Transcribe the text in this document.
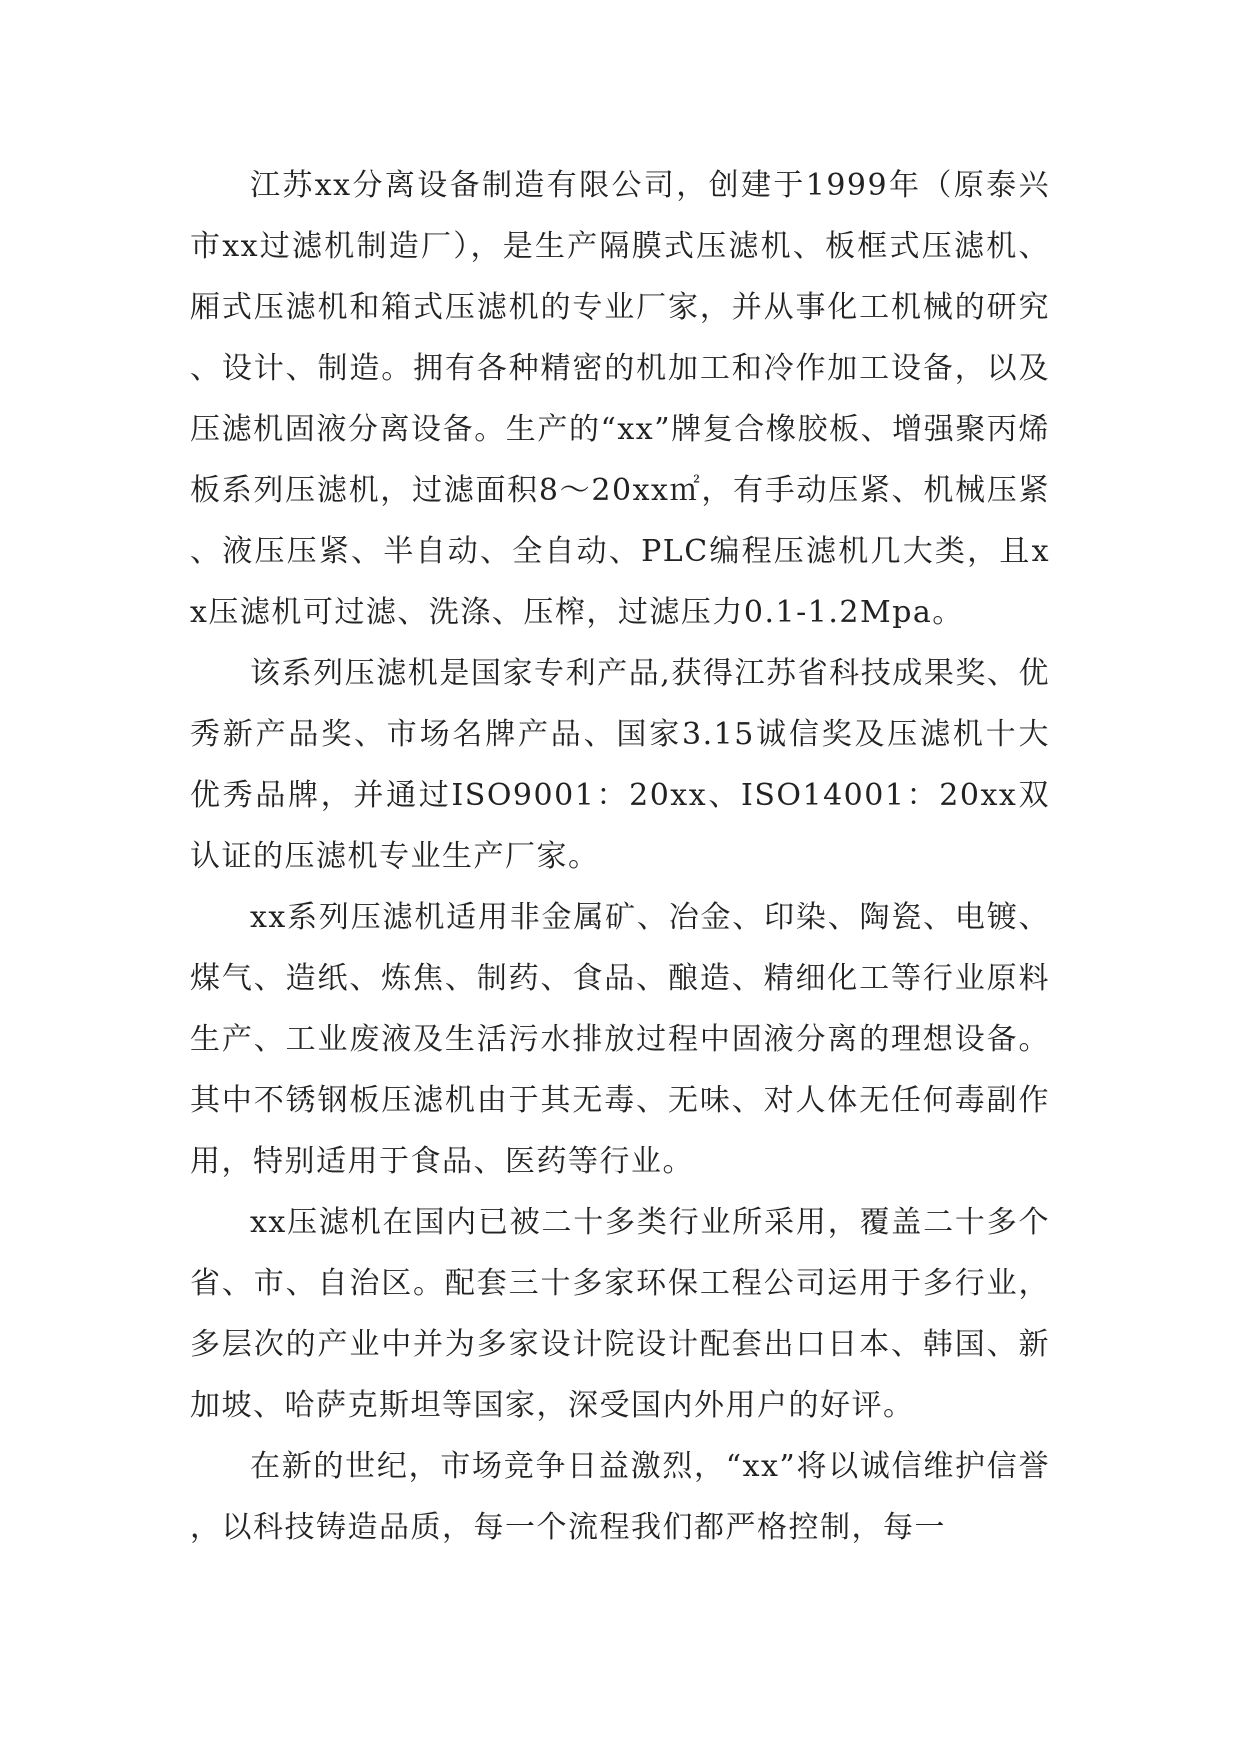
江苏xx分离设备制造有限公司，创建于1999年（原泰兴市xx过滤机制造厂），是生产隔膜式压滤机、板框式压滤机、厢式压滤机和箱式压滤机的专业厂家，并从事化工机械的研究、设计、制造。拥有各种精密的机加工和冷作加工设备，以及压滤机固液分离设备。生产的“xx”牌复合橡胶板、增强聚丙烯板系列压滤机，过滤面积8～20xx㎡，有手动压紧、机械压紧、液压压紧、半自动、全自动、PLC编程压滤机几大类，且xx压滤机可过滤、洗涤、压榨，过滤压力0.1-1.2Mpa。

该系列压滤机是国家专利产品,获得江苏省科技成果奖、优秀新产品奖、市场名牌产品、国家3.15诚信奖及压滤机十大优秀品牌，并通过ISO9001：20xx、ISO14001：20xx双认证的压滤机专业生产厂家。

xx系列压滤机适用非金属矿、冶金、印染、陶瓷、电镀、煤气、造纸、炼焦、制药、食品、酿造、精细化工等行业原料生产、工业废液及生活污水排放过程中固液分离的理想设备。其中不锈钢板压滤机由于其无毒、无味、对人体无任何毒副作用，特别适用于食品、医药等行业。

xx压滤机在国内已被二十多类行业所采用，覆盖二十多个省、市、自治区。配套三十多家环保工程公司运用于多行业，多层次的产业中并为多家设计院设计配套出口日本、韩国、新加坡、哈萨克斯坦等国家，深受国内外用户的好评。

在新的世纪，市场竞争日益激烈，“xx”将以诚信维护信誉，以科技铸造品质，每一个流程我们都严格控制，每一
